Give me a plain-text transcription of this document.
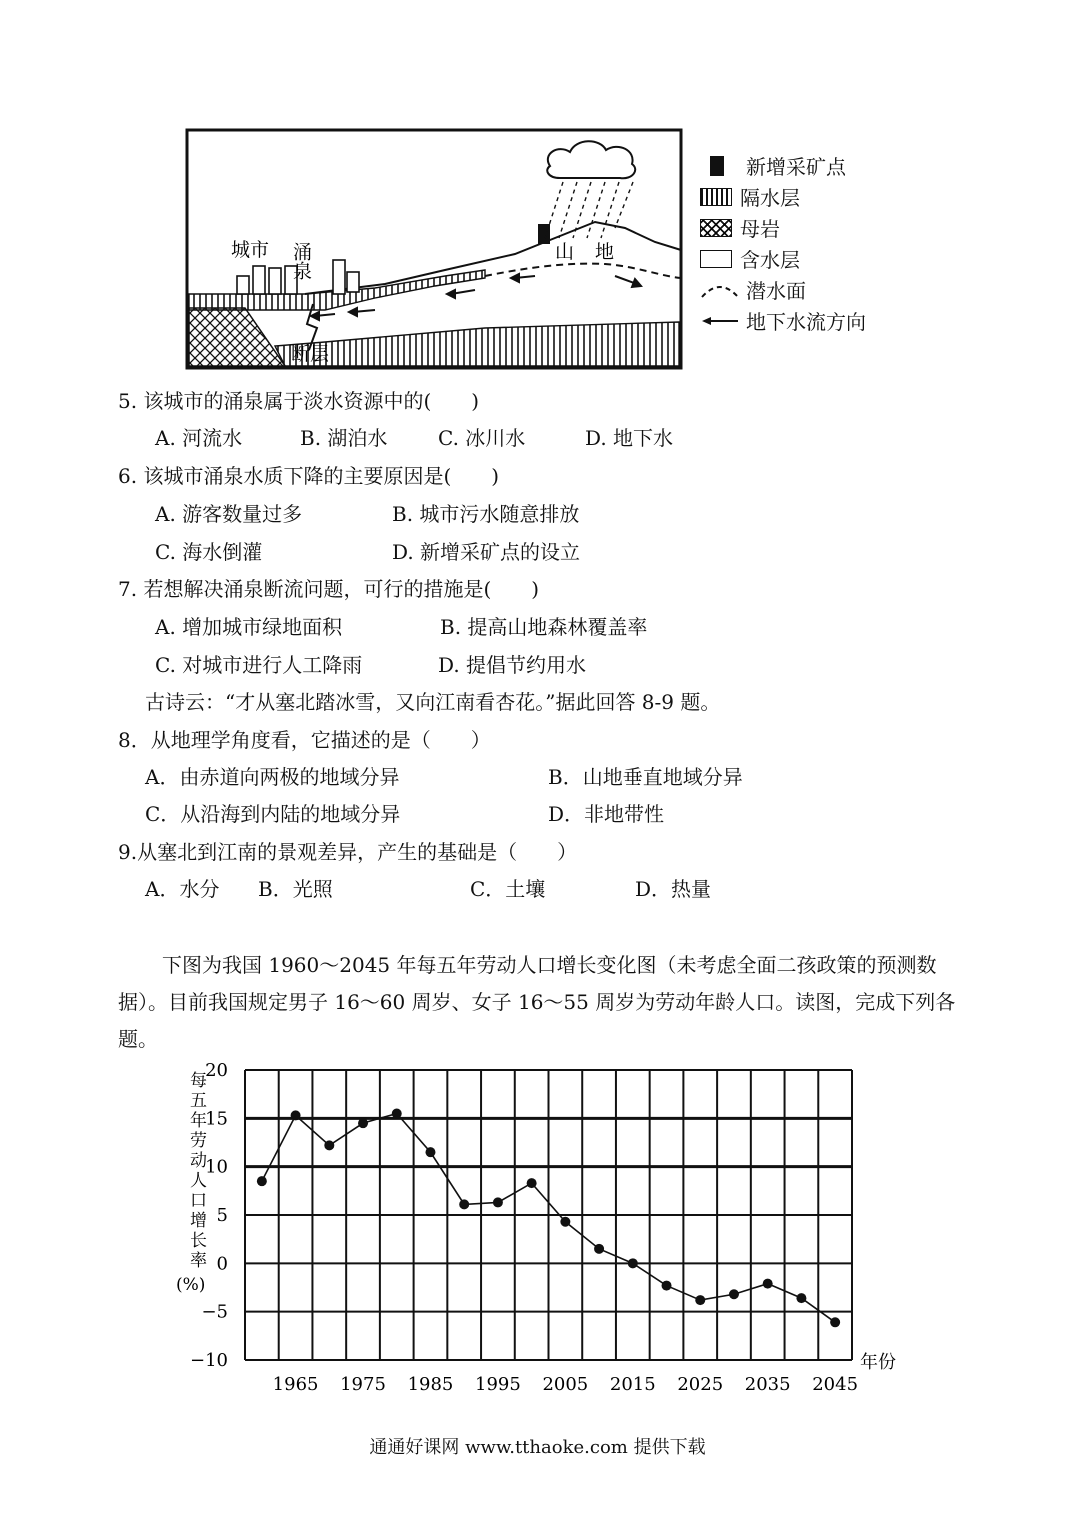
城市 涌泉	山 地
断层
新增采矿点
隔水层
母岩
含水层
潜水面
地下水流方向
5. 该城市的涌泉属于淡水资源中的(　　)
A. 河流水	B. 湖泊水	C. 冰川水	D. 地下水
6. 该城市涌泉水质下降的主要原因是(　　)
A. 游客数量过多	B. 城市污水随意排放
C. 海水倒灌	D. 新增采矿点的设立
7. 若想解决涌泉断流问题，可行的措施是(　　)
A. 增加城市绿地面积	B. 提高山地森林覆盖率
C. 对城市进行人工降雨	D. 提倡节约用水
古诗云：“才从塞北踏冰雪，又向江南看杏花。”据此回答 8-9 题。
8．从地理学角度看，它描述的是（　　）
A．由赤道向两极的地域分异	B．山地垂直地域分异
C．从沿海到内陆的地域分异	D．非地带性
9.从塞北到江南的景观差异，产生的基础是（　　）
A．水分 B．光照	C．土壤	D．热量
下图为我国 1960～2045 年每五年劳动人口增长变化图（未考虑全面二孩政策的预测数据）。目前我国规定男子 16～60 周岁、女子 16～55 周岁为劳动年龄人口。读图，完成下列各题。
−10
−5
0
5
10
15
20
1965 1975 1985 1995 2005 2015 2025 2035 2045
每五年劳动人口增长率(%)
年份
通通好课网 www.tthaoke.com 提供下载
